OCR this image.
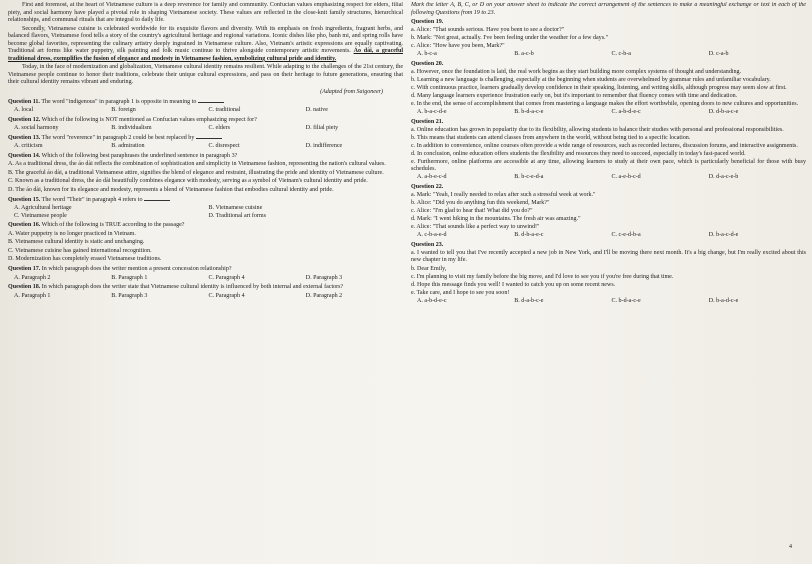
First and foremost, at the heart of Vietnamese culture is a deep reverence for family and community. Confucian values emphasizing respect for elders, filial piety, and social harmony have played a pivotal role in shaping Vietnamese society. These values are reflected in the close-knit family structures, hierarchical relationships, and communal rituals that are integral to daily life.

Secondly, Vietnamese cuisine is celebrated worldwide for its exquisite flavors and diversity. With its emphasis on fresh ingredients, fragrant herbs, and balanced flavors, Vietnamese food tells a story of the country's agricultural heritage and regional variations. Iconic dishes like pho, banh mi, and spring rolls have become global favorites, representing the culinary artistry deeply ingrained in Vietnamese culture. Also, Vietnam's artistic expressions are equally captivating. Traditional art forms like water puppetry, silk painting and folk music continue to thrive alongside contemporary artistic movements. Áo dài, a graceful traditional dress, exemplifies the fusion of elegance and modesty in Vietnamese fashion, symbolizing cultural pride and identity.

Today, in the face of modernization and globalization, Vietnamese cultural identity remains resilient. While adapting to the challenges of the 21st century, the Vietnamese people continue to honor their traditions, celebrate their unique cultural expressions, and pass on their heritage to future generations, ensuring that their cultural identity remains vibrant and enduring.

(Adapted from Saigoneer)

Question 11. The word "indigenous" in paragraph 1 is opposite in meaning to

A. local	B. foreign	C. traditional	D. native

Question 12. Which of the following is NOT mentioned as Confucian values emphasizing respect for?

A. social harmony	B. individualism	C. elders	D. filial piety

Question 13. The word "reverence" in paragraph 2 could be best replaced by

A. criticism	B. admiration	C. disrespect	D. indifference

Question 14. Which of the following best paraphrases the underlined sentence in paragraph 3?

A. As a traditional dress, the áo dài reflects the combination of sophistication and simplicity in Vietnamese fashion, representing the nation's cultural values.

B. The graceful áo dài, a traditional Vietnamese attire, signifies the blend of elegance and restraint, illustrating the pride and identity of Vietnamese culture.

C. Known as a traditional dress, the áo dài beautifully combines elegance with modesty, serving as a symbol of Vietnam's cultural identity and pride.

D. The áo dài, known for its elegance and modesty, represents a blend of Vietnamese fashion that embodies cultural identity and pride.

Question 15. The word "Their" in paragraph 4 refers to

A. Agricultural heritage	B. Vietnamese cuisine
C. Vietnamese people	D. Traditional art forms

Question 16. Which of the following is TRUE according to the passage?

A. Water puppetry is no longer practiced in Vietnam.

B. Vietnamese cultural identity is static and unchanging.

C. Vietnamese cuisine has gained international recognition.

D. Modernization has completely erased Vietnamese traditions.

Question 17. In which paragraph does the writer mention a present concession relationship?

A. Paragraph 2	B. Paragraph 1	C. Paragraph 4	D. Paragraph 3

Question 18. In which paragraph does the writer state that Vietnamese cultural identity is influenced by both internal and external factors?

A. Paragraph 1	B. Paragraph 3	C. Paragraph 4	D. Paragraph 2

Mark the letter A, B, C, or D on your answer sheet to indicate the correct arrangement of the sentences to make a meaningful exchange or text in each of the following Questions from 19 to 23.

Question 19.

a. Alice: "That sounds serious. Have you been to see a doctor?"

b. Mark: "Not great, actually. I've been feeling under the weather for a few days."

c. Alice: "How have you been, Mark?"

A. b-c-a	B. a-c-b	C. c-b-a	D. c-a-b

Question 20.

a. However, once the foundation is laid, the real work begins as they start building more complex systems of thought and understanding.

b. Learning a new language is challenging, especially at the beginning when students are overwhelmed by grammar rules and unfamiliar vocabulary.

c. With continuous practice, learners gradually develop confidence in their speaking, listening, and writing skills, although progress may seem slow at first.

d. Many language learners experience frustration early on, but it's important to remember that fluency comes with time and dedication.

e. In the end, the sense of accomplishment that comes from mastering a language makes the effort worthwhile, opening doors to new cultures and opportunities.

A. b-a-c-d-e	B. b-d-a-c-e	C. a-b-d-e-c	D. d-b-a-c-e

Question 21.

a. Online education has grown in popularity due to its flexibility, allowing students to balance their studies with personal and professional responsibilities.

b. This means that students can attend classes from anywhere in the world, without being tied to a specific location.

c. In addition to convenience, online courses often provide a wide range of resources, such as recorded lectures, discussion forums, and interactive assignments.

d. In conclusion, online education offers students the flexibility and resources they need to succeed, especially in today's fast-paced world.

e. Furthermore, online platforms are accessible at any time, allowing learners to study at their own pace, which is particularly beneficial for those with busy schedules.

A. a-b-e-c-d	B. b-c-e-d-a	C. a-e-b-c-d	D. d-a-c-e-b

Question 22.

a. Mark: "Yeah, I really needed to relax after such a stressful week at work."

b. Alice: "Did you do anything fun this weekend, Mark?"

c. Alice: "I'm glad to hear that! What did you do?"

d. Mark: "I went hiking in the mountains. The fresh air was amazing."

e. Alice: "That sounds like a perfect way to unwind!"

A. c-b-a-e-d	B. d-b-a-e-c	C. c-e-d-b-a	D. b-a-c-d-e

Question 23.

a. I wanted to tell you that I've recently accepted a new job in New York, and I'll be moving there next month. It's a big change, but I'm really excited about this new chapter in my life.

b. Dear Emily,

c. I'm planning to visit my family before the big move, and I'd love to see you if you're free during that time.

d. Hope this message finds you well! I wanted to catch you up on some recent news.

e. Take care, and I hope to see you soon!

A. a-b-d-e-c	B. d-a-b-c-e	C. b-d-a-c-e	D. b-a-d-c-e
4
